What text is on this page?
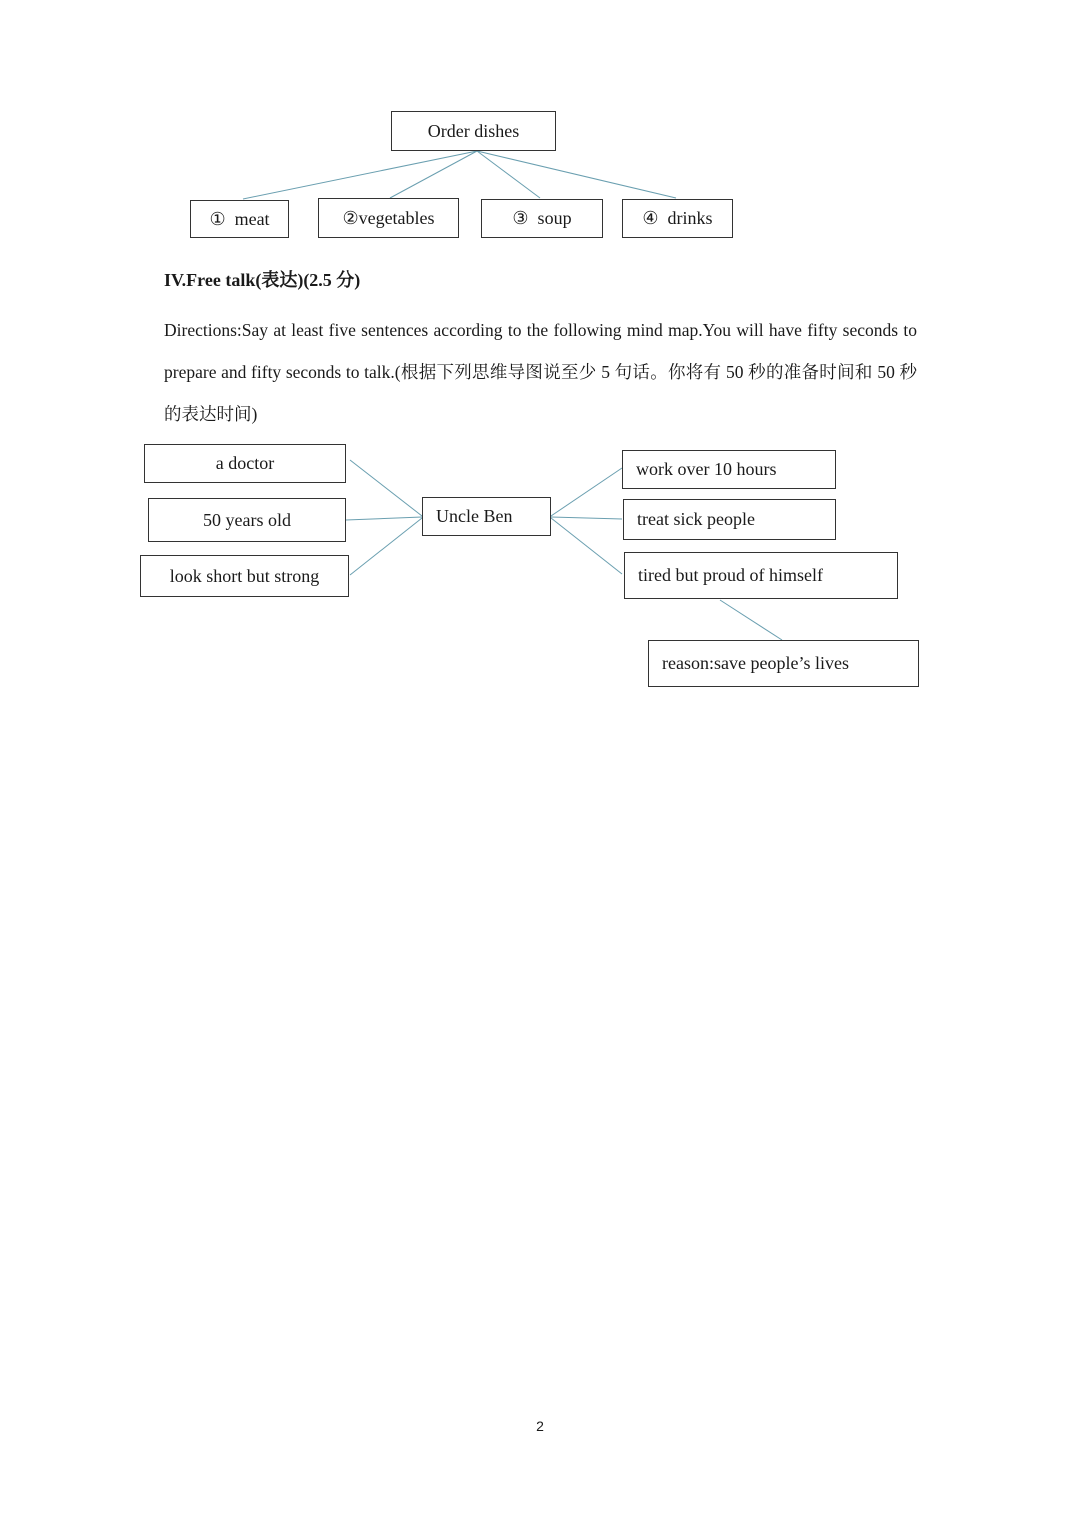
Order dishes
①  meat	②vegetables	③  soup	④  drinks
IV.Free talk(表达)(2.5 分)
Directions:Say at least five sentences according to the following mind map.You will have fifty seconds to prepare and fifty seconds to talk.(根据下列思维导图说至少 5 句话。你将有 50 秒的准备时间和 50 秒的表达时间)
a doctor
50 years old
look short but strong
Uncle Ben
work over 10 hours
treat sick people
tired but proud of himself
reason:save people’s lives
2
